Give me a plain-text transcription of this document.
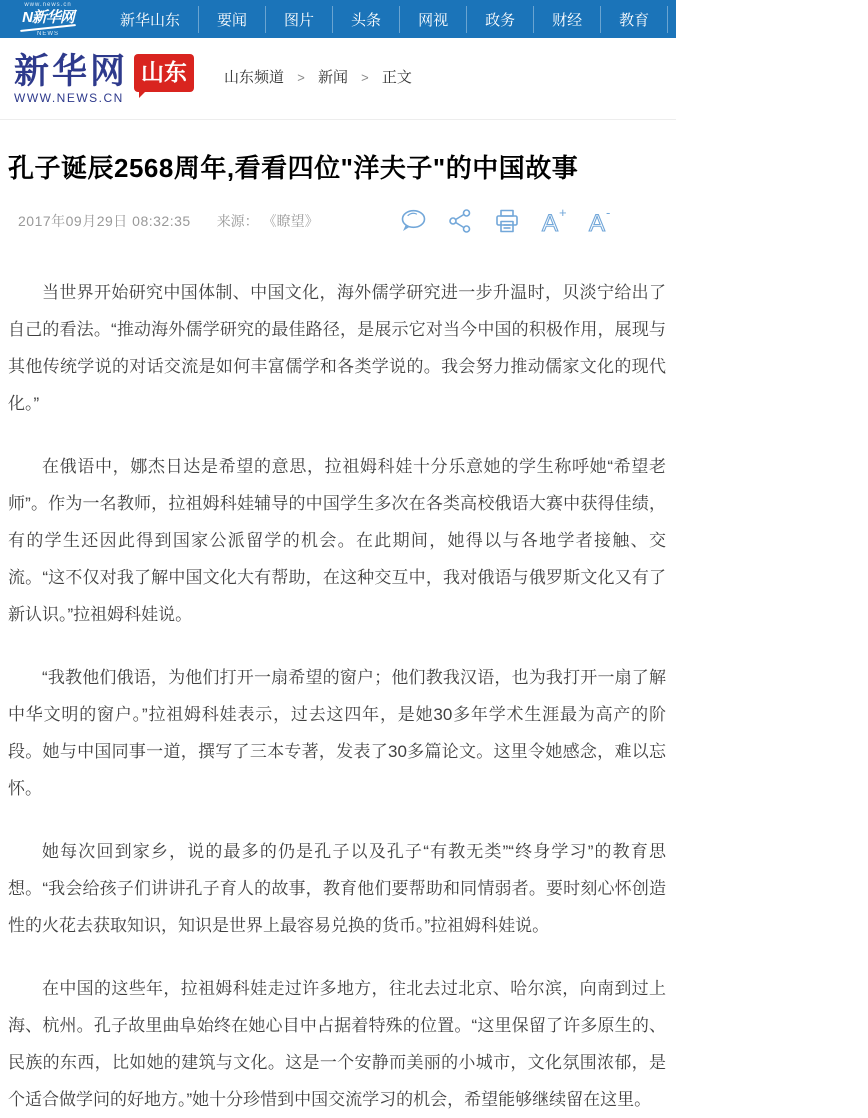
www.news.cn
N新华网
NEWS
新华山东	要闻	图片	头条	网视	政务	财经	教育	齐鲁	县区	旅游
新华网
WWW.NEWS.CN
山东	山东频道 > 新闻 > 正文
孔子诞辰2568周年,看看四位"洋夫子"的中国故事
2017年09月29日 08:32:35 来源： 《瞭望》	A + A -

当世界开始研究中国体制、中国文化，海外儒学研究进一步升温时，贝淡宁给出了自己的看法。“推动海外儒学研究的最佳路径，是展示它对当今中国的积极作用，展现与其他传统学说的对话交流是如何丰富儒学和各类学说的。我会努力推动儒家文化的现代化。”

在俄语中，娜杰日达是希望的意思，拉祖姆科娃十分乐意她的学生称呼她“希望老师”。作为一名教师，拉祖姆科娃辅导的中国学生多次在各类高校俄语大赛中获得佳绩，有的学生还因此得到国家公派留学的机会。在此期间，她得以与各地学者接触、交流。“这不仅对我了解中国文化大有帮助，在这种交互中，我对俄语与俄罗斯文化又有了新认识。”拉祖姆科娃说。

“我教他们俄语，为他们打开一扇希望的窗户；他们教我汉语，也为我打开一扇了解中华文明的窗户。”拉祖姆科娃表示，过去这四年，是她30多年学术生涯最为高产的阶段。她与中国同事一道，撰写了三本专著，发表了30多篇论文。这里令她感念，难以忘怀。

她每次回到家乡，说的最多的仍是孔子以及孔子“有教无类”“终身学习”的教育思想。“我会给孩子们讲讲孔子育人的故事，教育他们要帮助和同情弱者。要时刻心怀创造性的火花去获取知识，知识是世界上最容易兑换的货币。”拉祖姆科娃说。

在中国的这些年，拉祖姆科娃走过许多地方，往北去过北京、哈尔滨，向南到过上海、杭州。孔子故里曲阜始终在她心目中占据着特殊的位置。“这里保留了许多原生的、民族的东西，比如她的建筑与文化。这是一个安静而美丽的小城市，文化氛围浓郁，是个适合做学问的好地方。”她十分珍惜到中国交流学习的机会，希望能够继续留在这里。
